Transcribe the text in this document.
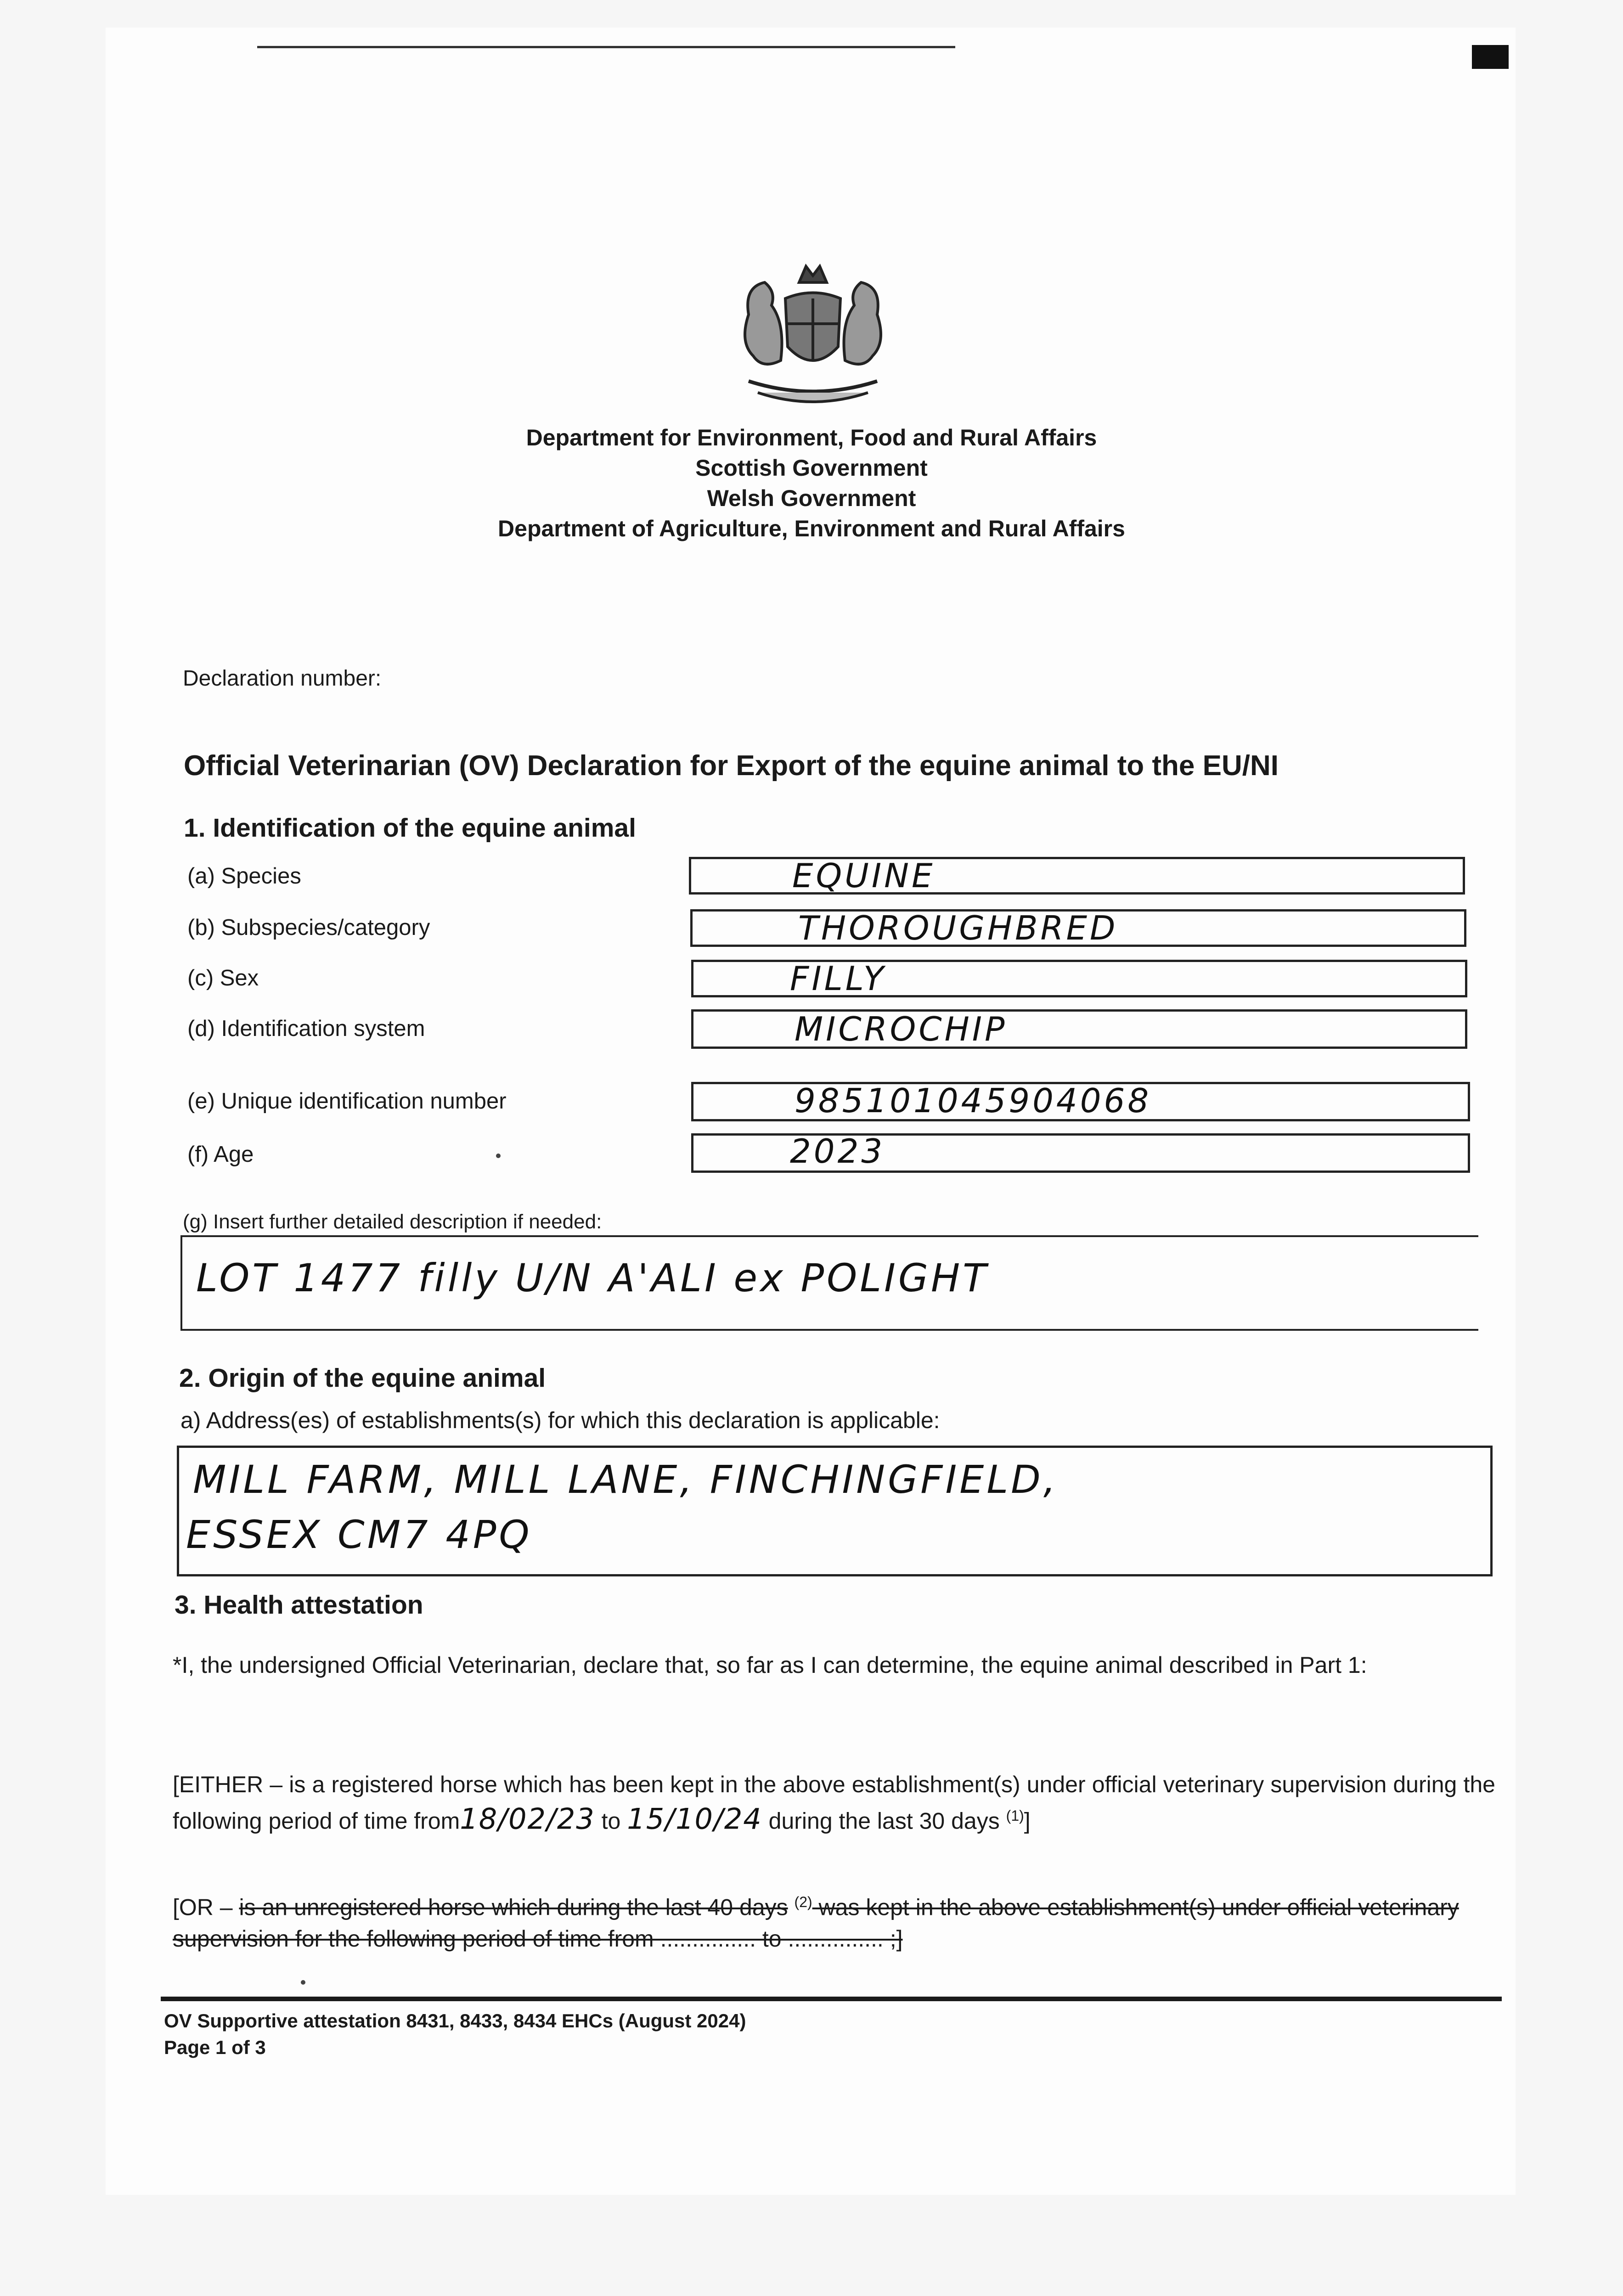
Department for Environment, Food and Rural Affairs
Scottish Government
Welsh Government
Department of Agriculture, Environment and Rural Affairs
Declaration number:
Official Veterinarian (OV) Declaration for Export of the equine animal to the EU/NI
1. Identification of the equine animal
(a) Species	EQUINE
(b) Subspecies/category	THOROUGHBRED
(c) Sex	FILLY
(d) Identification system	MICROCHIP
(e) Unique identification number	985101045904068
(f) Age	2023
(g) Insert further detailed description if needed:
LOT 1477 filly U/N A'ALI ex POLIGHT
2. Origin of the equine animal
a) Address(es) of establishments(s) for which this declaration is applicable:
MILL FARM, MILL LANE, FINCHINGFIELD,
ESSEX CM7 4PQ
3. Health attestation
*I, the undersigned Official Veterinarian, declare that, so far as I can determine, the equine animal described in Part 1:
[EITHER – is a registered horse which has been kept in the above establishment(s) under official veterinary supervision during the following period of time from18/02/23 to 15/10/24 during the last 30 days $^{(1)}$]
[OR – is an unregistered horse which during the last 40 days $^{(2)}$ was kept in the above establishment(s) under official veterinary supervision for the following period of time from ............... to ............... ;]
OV Supportive attestation 8431, 8433, 8434 EHCs (August 2024)
Page 1 of 3
